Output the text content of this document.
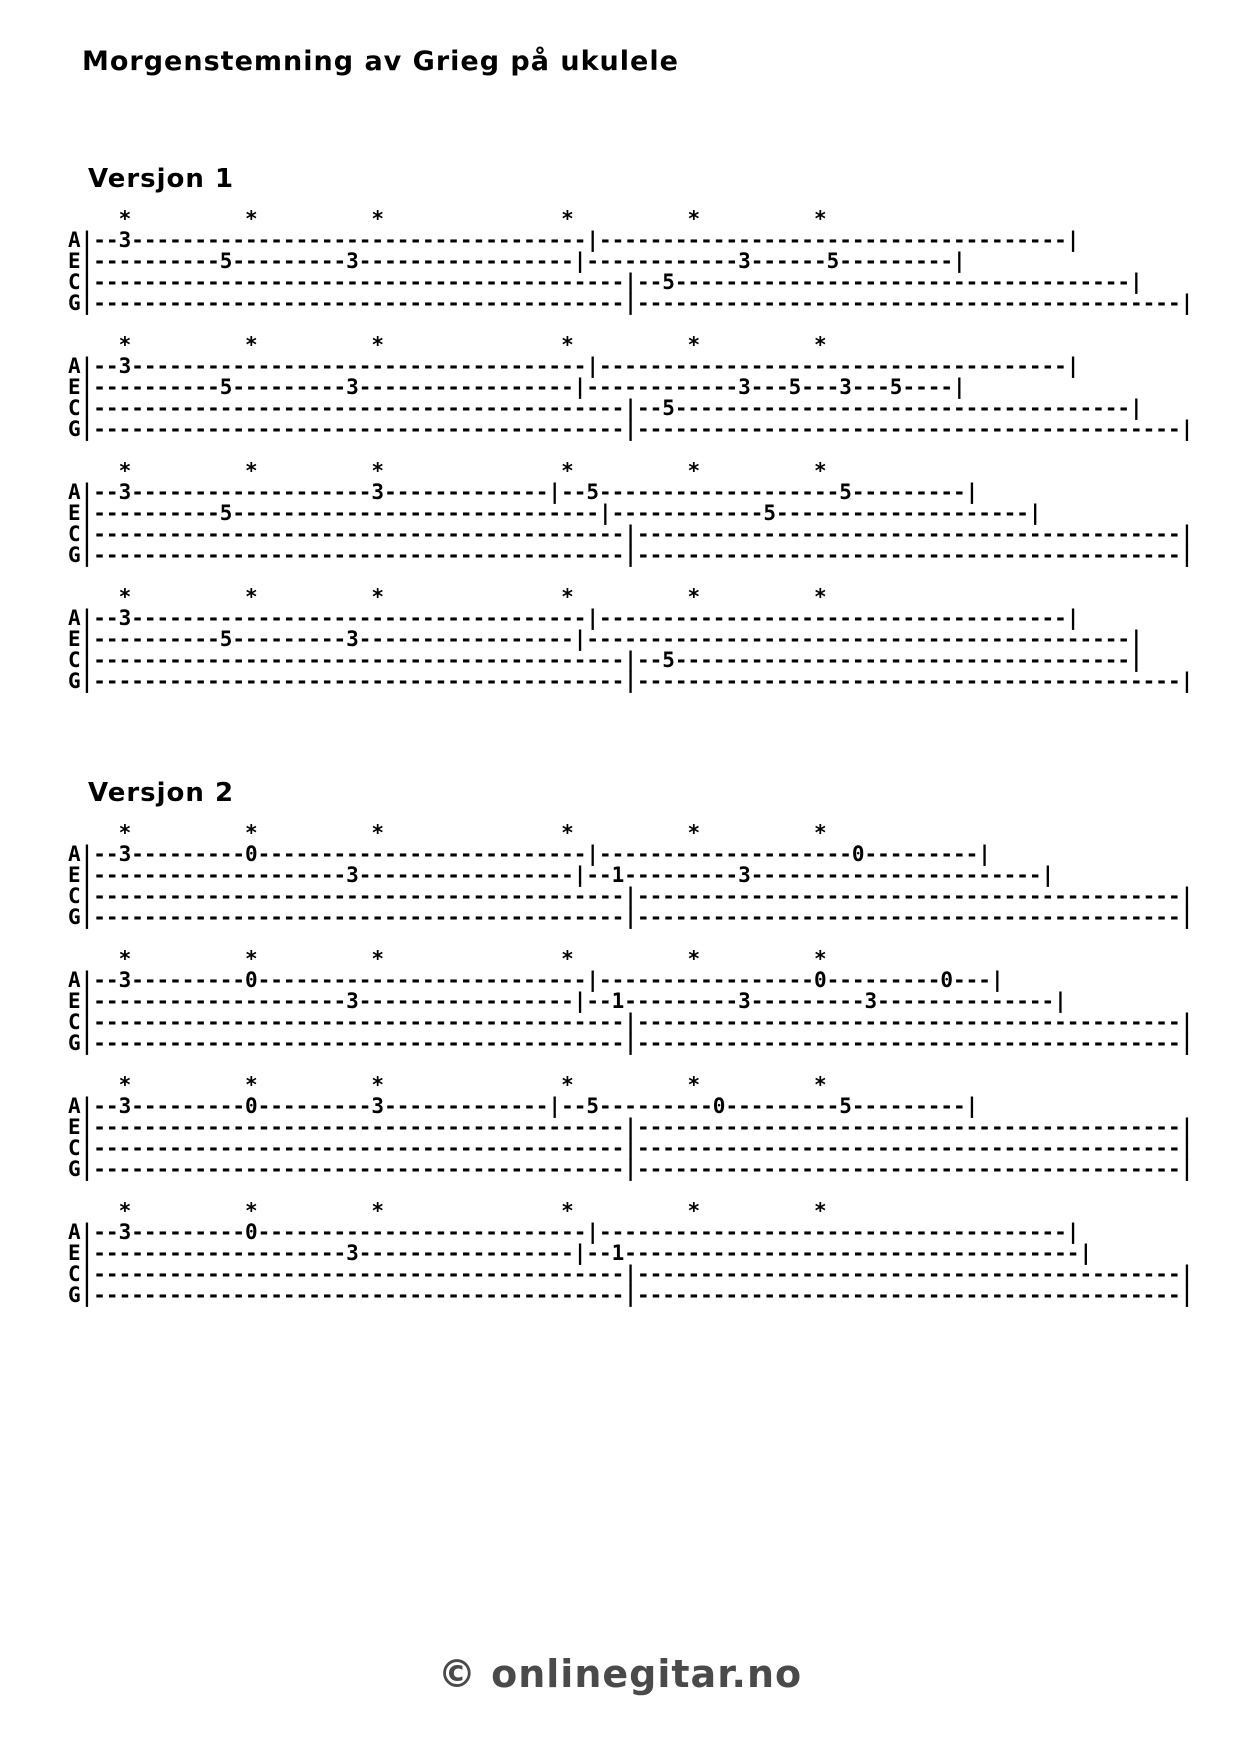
Morgenstemning av Grieg på ukulele
Versjon 1
*         *         *              *         *         *
A|--3------------------------------------|-------------------------------------|
E|----------5---------3-----------------|------------3------5---------|
C|------------------------------------------|--5------------------------------------|
G|------------------------------------------|-------------------------------------------|
*         *         *              *         *         *
A|--3------------------------------------|-------------------------------------|
E|----------5---------3-----------------|------------3---5---3---5----|
C|------------------------------------------|--5------------------------------------|
G|------------------------------------------|-------------------------------------------|
*         *         *              *         *         *
A|--3-------------------3-------------|--5-------------------5---------|
E|----------5-----------------------------|------------5--------------------|
C|------------------------------------------|-------------------------------------------|
G|------------------------------------------|-------------------------------------------|
*         *         *              *         *         *
A|--3------------------------------------|-------------------------------------|
E|----------5---------3-----------------|-------------------------------------------|
C|------------------------------------------|--5------------------------------------|
G|------------------------------------------|-------------------------------------------|
Versjon 2
*         *         *              *         *         *
A|--3---------0--------------------------|--------------------0---------|
E|--------------------3-----------------|--1---------3-----------------------|
C|------------------------------------------|-------------------------------------------|
G|------------------------------------------|-------------------------------------------|
*         *         *              *         *         *
A|--3---------0--------------------------|-----------------0---------0---|
E|--------------------3-----------------|--1---------3---------3--------------|
C|------------------------------------------|-------------------------------------------|
G|------------------------------------------|-------------------------------------------|
*         *         *              *         *         *
A|--3---------0---------3-------------|--5---------0---------5---------|
E|------------------------------------------|-------------------------------------------|
C|------------------------------------------|-------------------------------------------|
G|------------------------------------------|-------------------------------------------|
*         *         *              *         *         *
A|--3---------0--------------------------|-------------------------------------|
E|--------------------3-----------------|--1------------------------------------|
C|------------------------------------------|-------------------------------------------|
G|------------------------------------------|-------------------------------------------|
© onlinegitar.no
